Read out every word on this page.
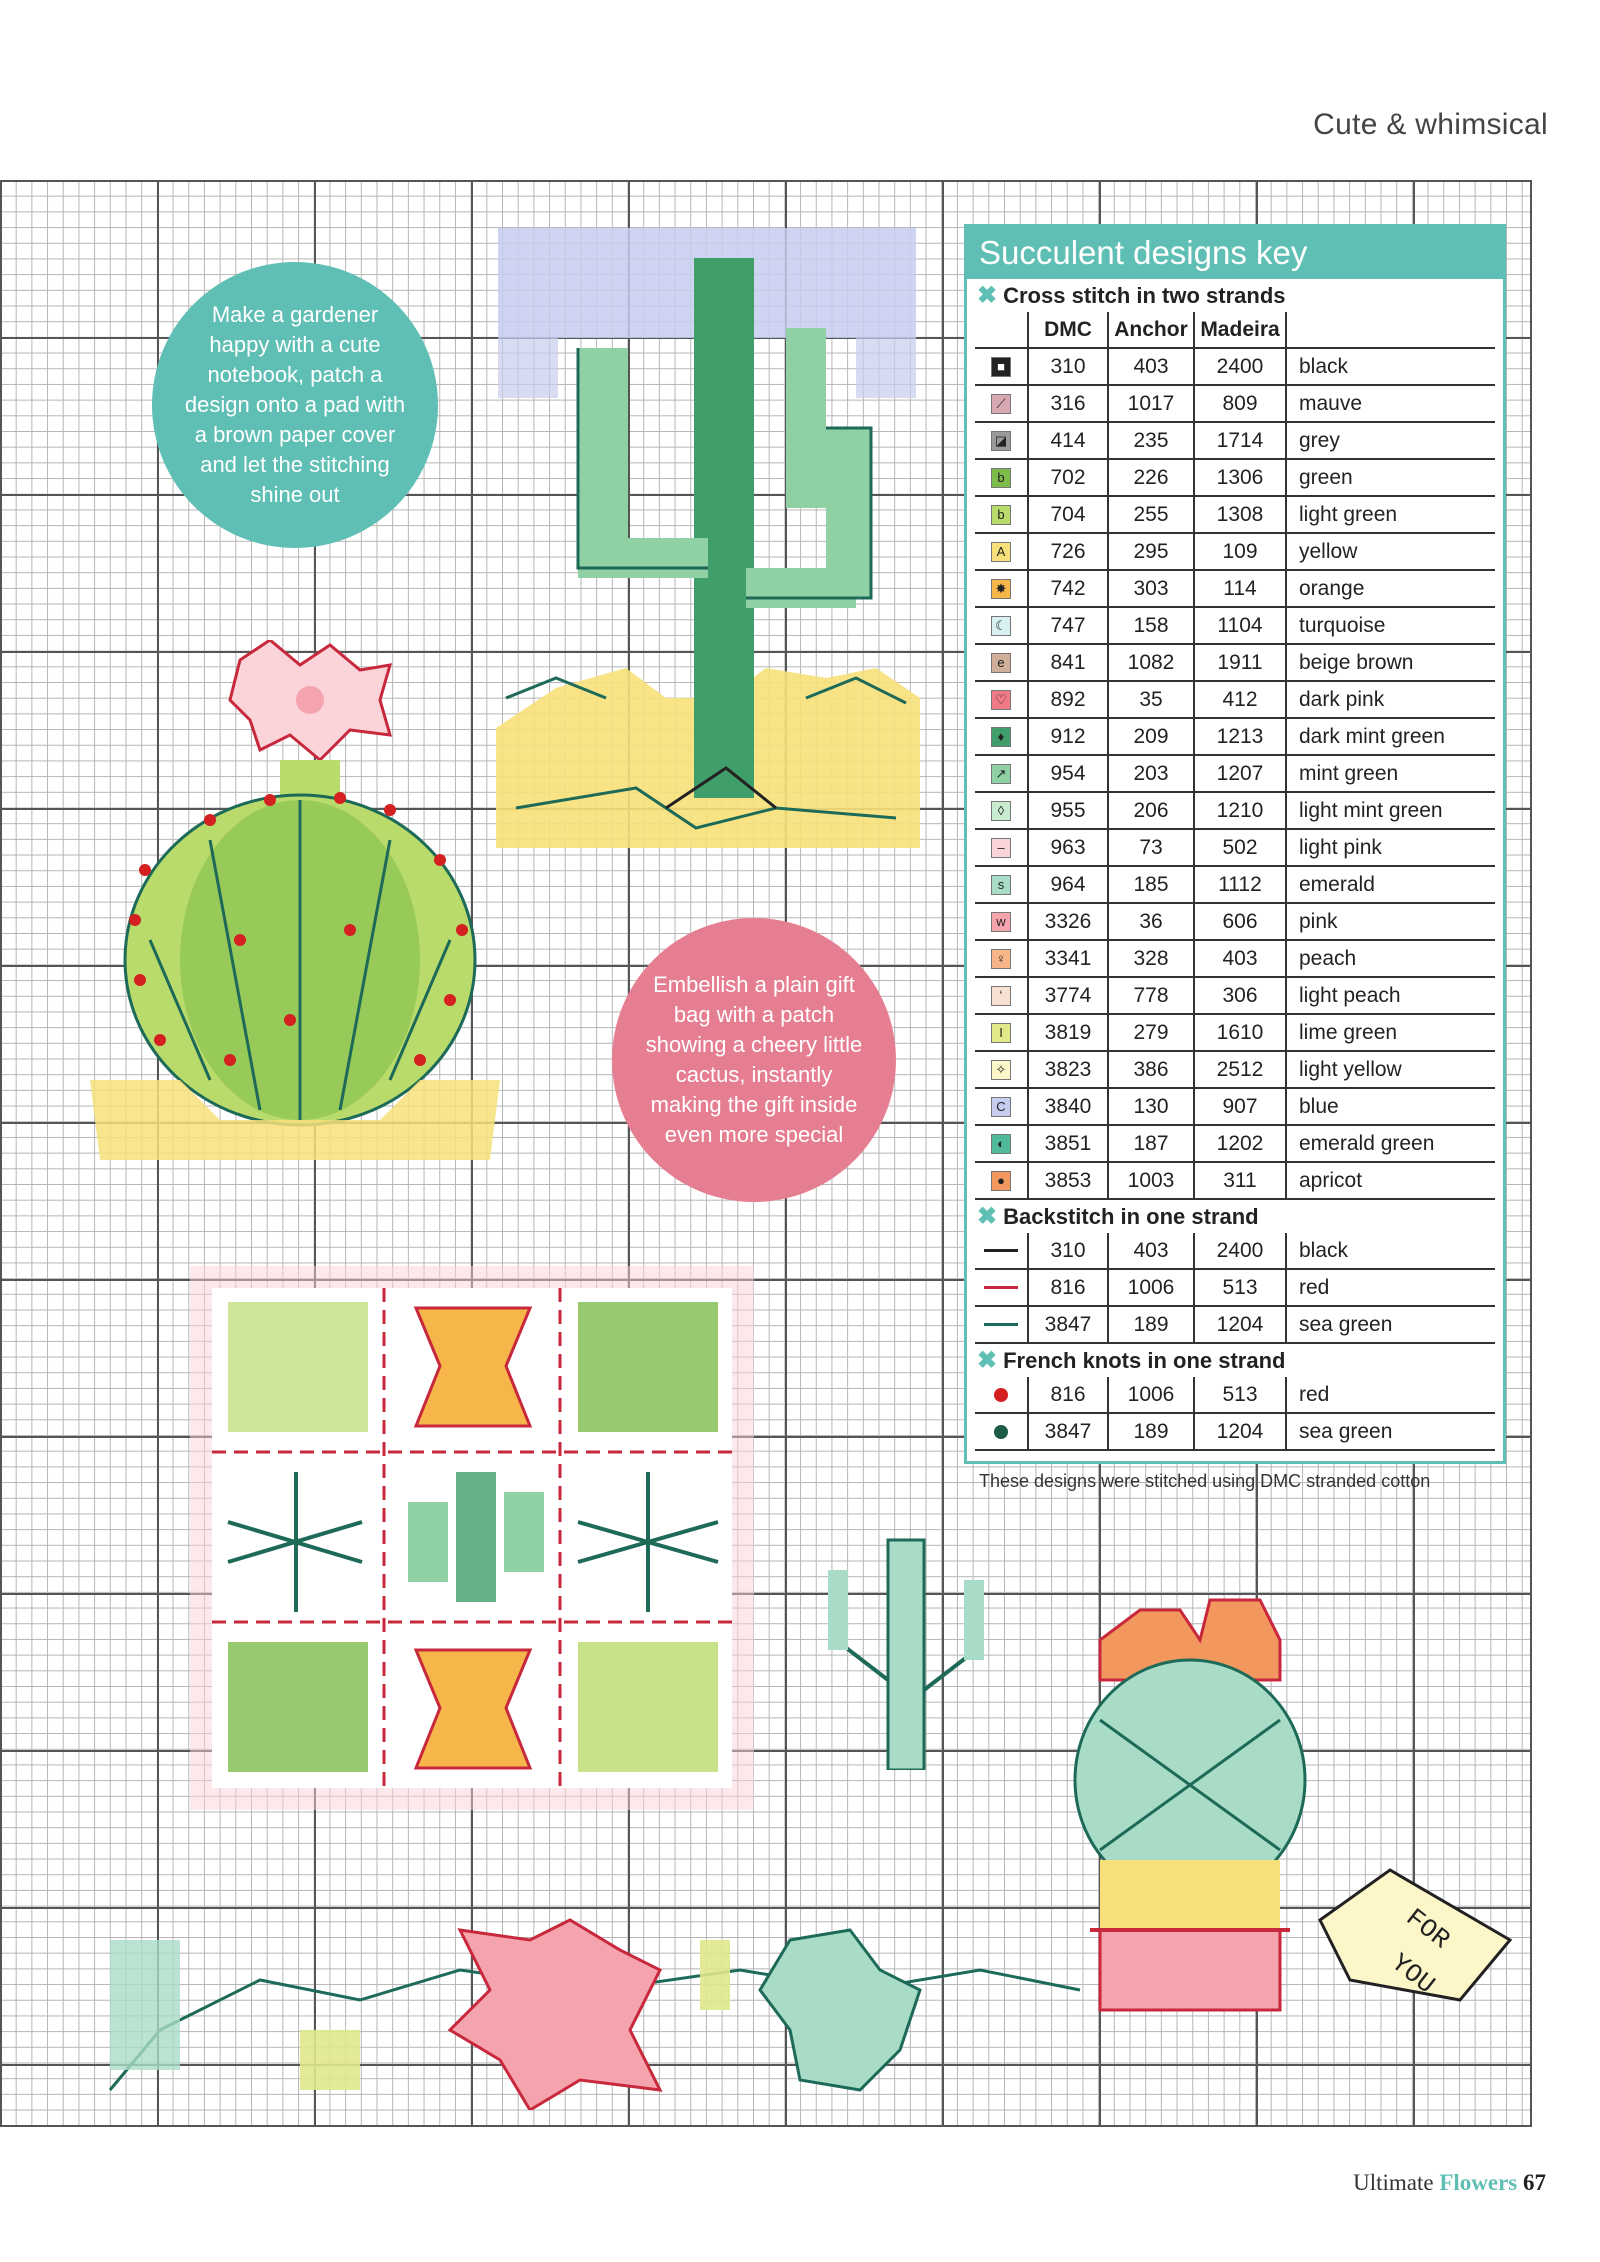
Cute & whimsical
FOR
YOU
Make a gardener happy with a cute notebook, patch a design onto a pad with a brown paper cover and let the stitching shine out
Embellish a plain gift bag with a patch showing a cheery little cactus, instantly making the gift inside even more special
Succulent designs key
✖ Cross stitch in two strands
DMC	Anchor Madeira
■	310	403	2400	black
⟋	316	1017	809	mauve
◪	414	235	1714	grey
b	702	226	1306	green
b	704	255	1308	light green
A	726	295	109	yellow
✸	742	303	114	orange
☾	747	158	1104	turquoise
e	841	1082	1911	beige brown
♡	892	35	412	dark pink
♦	912	209	1213	dark mint green
↗	954	203	1207	mint green
◊	955	206	1210	light mint green
–	963	73	502	light pink
s	964	185	1112	emerald
w	3326	36	606	pink
♀	3341	328	403	peach
ʻ	3774	778	306	light peach
I	3819	279	1610	lime green
✧	3823	386	2512	light yellow
C	3840	130	907	blue
◐	3851	187	1202	emerald green
●	3853	1003	311	apricot
✖ Backstitch in one strand
310	403	2400	black
816	1006	513	red
3847	189	1204	sea green
✖ French knots in one strand
816	1006	513	red
3847	189	1204	sea green
These designs were stitched using DMC stranded cotton
Ultimate Flowers 67
